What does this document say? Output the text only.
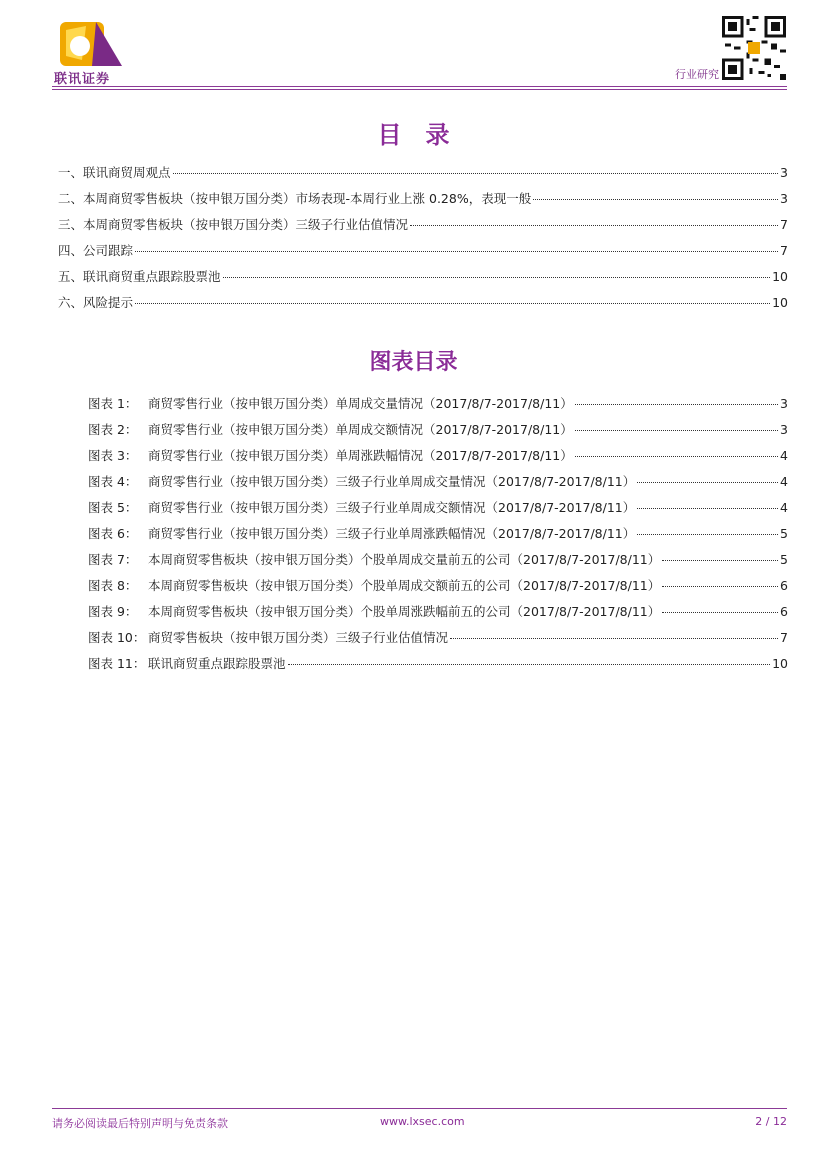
联讯证券	行业研究
目录
一、联讯商贸周观点	3
二、本周商贸零售板块（按申银万国分类）市场表现-本周行业上涨 0.28%，表现一般	3
三、本周商贸零售板块（按申银万国分类）三级子行业估值情况	7
四、公司跟踪	7
五、联讯商贸重点跟踪股票池	10
六、风险提示	10
图表目录
图表 1： 商贸零售行业（按申银万国分类）单周成交量情况（2017/8/7-2017/8/11）	3
图表 2： 商贸零售行业（按申银万国分类）单周成交额情况（2017/8/7-2017/8/11）	3
图表 3： 商贸零售行业（按申银万国分类）单周涨跌幅情况（2017/8/7-2017/8/11）	4
图表 4： 商贸零售行业（按申银万国分类）三级子行业单周成交量情况（2017/8/7-2017/8/11）	4
图表 5： 商贸零售行业（按申银万国分类）三级子行业单周成交额情况（2017/8/7-2017/8/11）	4
图表 6： 商贸零售行业（按申银万国分类）三级子行业单周涨跌幅情况（2017/8/7-2017/8/11）	5
图表 7： 本周商贸零售板块（按申银万国分类）个股单周成交量前五的公司（2017/8/7-2017/8/11）	5
图表 8： 本周商贸零售板块（按申银万国分类）个股单周成交额前五的公司（2017/8/7-2017/8/11）	6
图表 9： 本周商贸零售板块（按申银万国分类）个股单周涨跌幅前五的公司（2017/8/7-2017/8/11）	6
图表 10： 商贸零售板块（按申银万国分类）三级子行业估值情况	7
图表 11： 联讯商贸重点跟踪股票池	10
请务必阅读最后特别声明与免责条款	www.lxsec.com	2 / 12
